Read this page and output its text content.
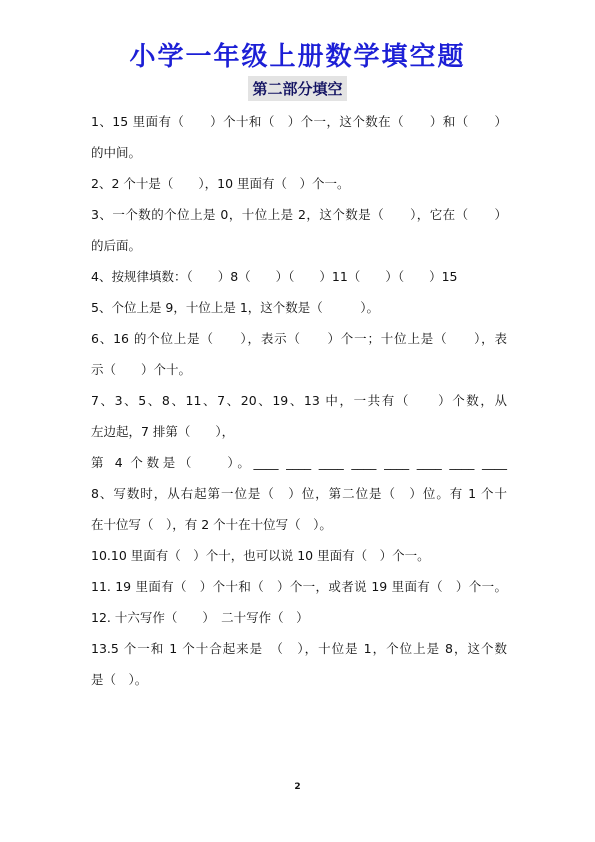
小学一年级上册数学填空题
第二部分填空
1、15 里面有（　　）个十和（　）个一，这个数在（　　）和（　　）
的中间。
2、2 个十是（　　），10 里面有（　）个一。
3、一个数的个位上是 0，十位上是 2，这个数是（　　），它在（　　）
的后面。
4、按规律填数：（　　）8（　　）（　　）11（　　）（　　）15
5、个位上是 9，十位上是 1，这个数是（　　　）。
6、16 的个位上是（　　），表示（　　）个一；十位上是（　　），表
示（　　）个十。
7、3、5、8、11、7、20、19、13 中，一共有（　　）个数，从
左边起，7 排第（　　），
第 4 个数是（　　）。____ ____ ____ ____ ____ ____ ____ ____
8、写数时，从右起第一位是（　）位，第二位是（　）位。有 1 个十
在十位写（　），有 2 个十在十位写（　）。
10.10 里面有（　）个十，也可以说 10 里面有（　）个一。
11. 19 里面有（　）个十和（　）个一，或者说 19 里面有（　）个一。
12. 十六写作（　　）　二十写作（　）
13.5 个一和 1 个十合起来是　（　），十位是 1，个位上是 8，这个数
是（　）。
2
